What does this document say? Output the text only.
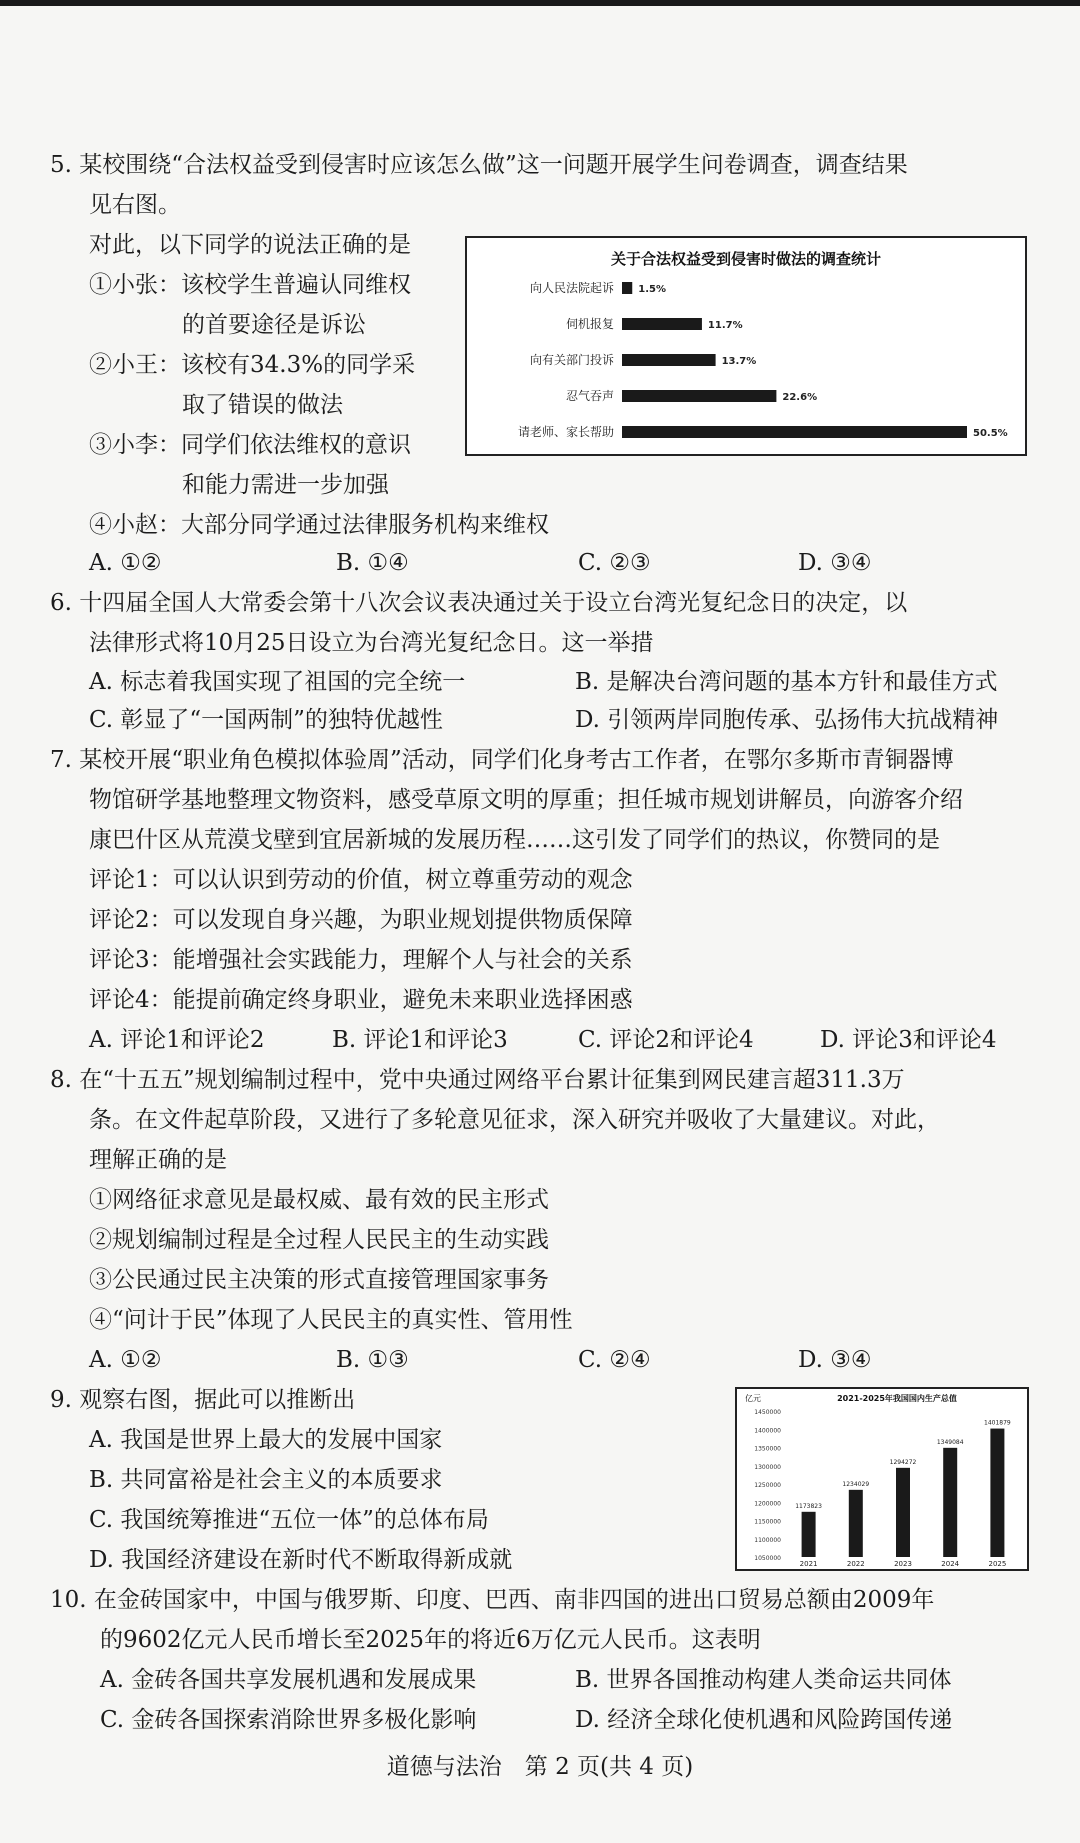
5. 某校围绕“合法权益受到侵害时应该怎么做”这一问题开展学生问卷调查，调查结果
见右图。
对此，以下同学的说法正确的是
①小张：该校学生普遍认同维权
的首要途径是诉讼
②小王：该校有34.3%的同学采
取了错误的做法
③小李：同学们依法维权的意识
和能力需进一步加强
④小赵：大部分同学通过法律服务机构来维权
A. ①②	B. ①④	C. ②③	D. ③④
关于合法权益受到侵害时做法的调查统计
向人民法院起诉 1.5%
伺机报复	11.7%
向有关部门投诉	13.7%
忍气吞声	22.6%
请老师、家长帮助	50.5%
6. 十四届全国人大常委会第十八次会议表决通过关于设立台湾光复纪念日的决定，以
法律形式将10月25日设立为台湾光复纪念日。这一举措
A. 标志着我国实现了祖国的完全统一	B. 是解决台湾问题的基本方针和最佳方式
C. 彰显了“一国两制”的独特优越性	D. 引领两岸同胞传承、弘扬伟大抗战精神
7. 某校开展“职业角色模拟体验周”活动，同学们化身考古工作者，在鄂尔多斯市青铜器博
物馆研学基地整理文物资料，感受草原文明的厚重；担任城市规划讲解员，向游客介绍
康巴什区从荒漠戈壁到宜居新城的发展历程……这引发了同学们的热议，你赞同的是
评论1：可以认识到劳动的价值，树立尊重劳动的观念
评论2：可以发现自身兴趣，为职业规划提供物质保障
评论3：能增强社会实践能力，理解个人与社会的关系
评论4：能提前确定终身职业，避免未来职业选择困惑
A. 评论1和评论2	B. 评论1和评论3	C. 评论2和评论4	D. 评论3和评论4
8. 在“十五五”规划编制过程中，党中央通过网络平台累计征集到网民建言超311.3万
条。在文件起草阶段，又进行了多轮意见征求，深入研究并吸收了大量建议。对此，
理解正确的是
①网络征求意见是最权威、最有效的民主形式
②规划编制过程是全过程人民民主的生动实践
③公民通过民主决策的形式直接管理国家事务
④“问计于民”体现了人民民主的真实性、管用性
A. ①②	B. ①③	C. ②④	D. ③④
9. 观察右图，据此可以推断出
A. 我国是世界上最大的发展中国家
B. 共同富裕是社会主义的本质要求
C. 我国统筹推进“五位一体”的总体布局
D. 我国经济建设在新时代不断取得新成就
2021-2025年我国国内生产总值
亿元
1050000
1100000
1150000
1200000
1250000
1300000
1350000
1400000
1450000
1173823
2021
1234029
2022
1294272
2023
1349084
2024
1401879
2025
10. 在金砖国家中，中国与俄罗斯、印度、巴西、南非四国的进出口贸易总额由2009年
的9602亿元人民币增长至2025年的将近6万亿元人民币。这表明
A. 金砖各国共享发展机遇和发展成果	B. 世界各国推动构建人类命运共同体
C. 金砖各国探索消除世界多极化影响	D. 经济全球化使机遇和风险跨国传递
道德与法治　第 2 页(共 4 页)
